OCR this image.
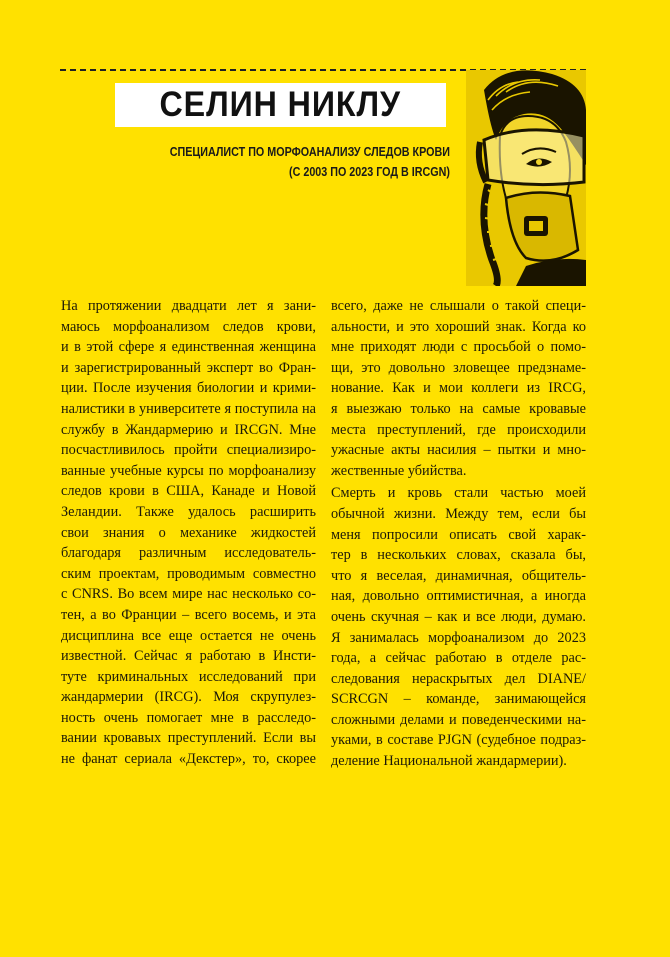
СЕЛИН НИКЛУ
СПЕЦИАЛИСТ ПО МОРФОАНАЛИЗУ СЛЕДОВ КРОВИ
(С 2003 ПО 2023 ГОД В IRCGN)
На протяжении двадцати лет я зани-
маюсь морфоанализом следов крови,
и в этой сфере я единственная женщина
и зарегистрированный эксперт во Фран-
ции. После изучения биологии и крими-
налистики в университете я поступила на
службу в Жандармерию и IRCGN. Мне
посчастливилось пройти специализиро-
ванные учебные курсы по морфоанализу
следов крови в США, Канаде и Новой
Зеландии. Также удалось расширить
свои знания о механике жидкостей
благодаря различным исследователь-
ским проектам, проводимым совместно
с CNRS. Во всем мире нас несколько со-
тен, а во Франции – всего восемь, и эта
дисциплина все еще остается не очень
известной. Сейчас я работаю в Инсти-
туте криминальных исследований при
жандармерии (IRCG). Моя скрупулез-
ность очень помогает мне в расследо-
вании кровавых преступлений. Если вы
не фанат сериала «Декстер», то, скорее
всего, даже не слышали о такой специ-
альности, и это хороший знак. Когда ко
мне приходят люди с просьбой о помо-
щи, это довольно зловещее предзнаме-
нование. Как и мои коллеги из IRCG,
я выезжаю только на самые кровавые
места преступлений, где происходили
ужасные акты насилия – пытки и мно-
жественные убийства.
Смерть и кровь стали частью моей
обычной жизни. Между тем, если бы
меня попросили описать свой харак-
тер в нескольких словах, сказала бы,
что я веселая, динамичная, общитель-
ная, довольно оптимистичная, а иногда
очень скучная – как и все люди, думаю.
Я занималась морфоанализом до 2023
года, а сейчас работаю в отделе рас-
следования нераскрытых дел DIANE/
SCRCGN – команде, занимающейся
сложными делами и поведенческими на-
уками, в составе PJGN (судебное подраз-
деление Национальной жандармерии).
